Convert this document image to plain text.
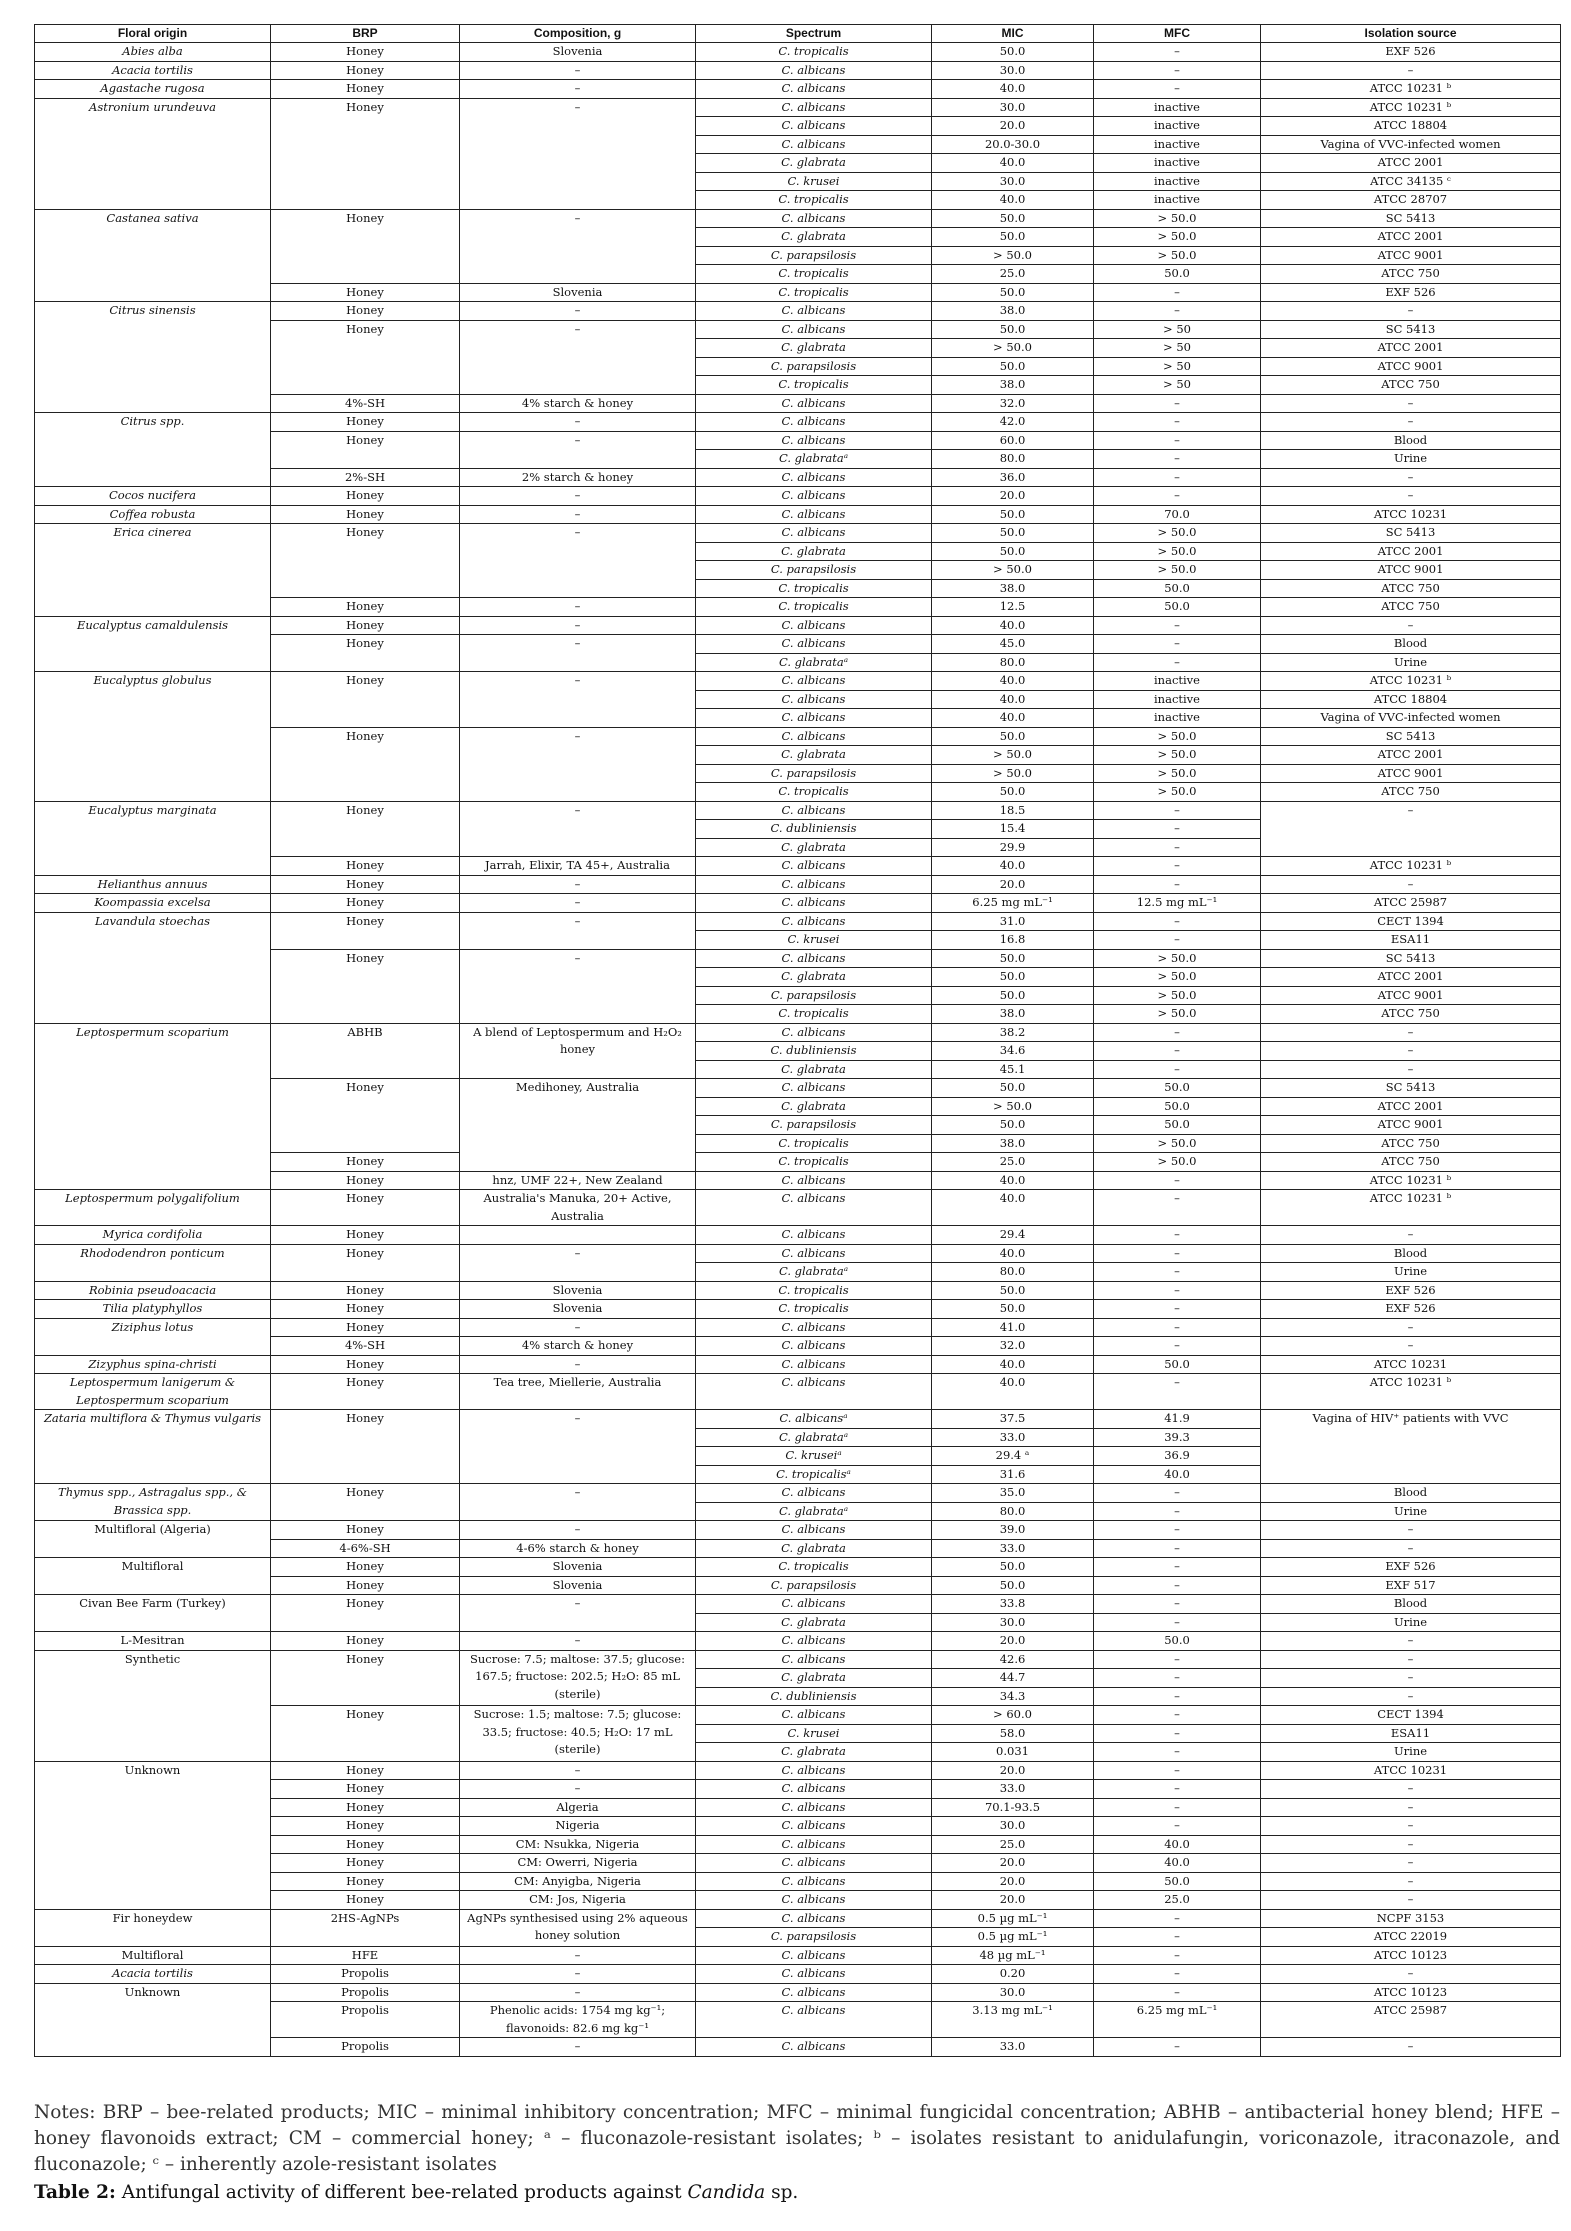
Floral origin	BRP	Composition, g	Spectrum	MIC	MFC	Isolation source
Abies alba	Honey	Slovenia	C. tropicalis	50.0	–	EXF 526
Acacia tortilis	Honey	–	C. albicans	30.0	–	–
Agastache rugosa	Honey	–	C. albicans	40.0	–	ATCC 10231 ᵇ
Astronium urundeuva	Honey	–	C. albicans	30.0	inactive	ATCC 10231 ᵇ
			C. albicans	20.0	inactive	ATCC 18804
			C. albicans	20.0-30.0	inactive	Vagina of VVC-infected women
			C. glabrata	40.0	inactive	ATCC 2001
			C. krusei	30.0	inactive	ATCC 34135 ᶜ
			C. tropicalis	40.0	inactive	ATCC 28707
Castanea sativa	Honey	–	C. albicans	50.0	> 50.0	SC 5413
			C. glabrata	50.0	> 50.0	ATCC 2001
			C. parapsilosis	> 50.0	> 50.0	ATCC 9001
			C. tropicalis	25.0	50.0	ATCC 750
	Honey	Slovenia	C. tropicalis	50.0	–	EXF 526
Citrus sinensis	Honey	–	C. albicans	38.0	–	–
	Honey	–	C. albicans	50.0	> 50	SC 5413
			C. glabrata	> 50.0	> 50	ATCC 2001
			C. parapsilosis	50.0	> 50	ATCC 9001
			C. tropicalis	38.0	> 50	ATCC 750
	4%-SH	4% starch & honey	C. albicans	32.0	–	–
Citrus spp.	Honey	–	C. albicans	42.0	–	–
	Honey	–	C. albicans	60.0	–	Blood
			C. glabrataᵃ	80.0	–	Urine
	2%-SH	2% starch & honey	C. albicans	36.0	–	–
Cocos nucifera	Honey	–	C. albicans	20.0	–	–
Coffea robusta	Honey	–	C. albicans	50.0	70.0	ATCC 10231
Erica cinerea	Honey	–	C. albicans	50.0	> 50.0	SC 5413
			C. glabrata	50.0	> 50.0	ATCC 2001
			C. parapsilosis	> 50.0	> 50.0	ATCC 9001
			C. tropicalis	38.0	50.0	ATCC 750
	Honey	–	C. tropicalis	12.5	50.0	ATCC 750
Eucalyptus camaldulensis	Honey	–	C. albicans	40.0	–	–
	Honey	–	C. albicans	45.0	–	Blood
			C. glabrataᵃ	80.0	–	Urine
Eucalyptus globulus	Honey	–	C. albicans	40.0	inactive	ATCC 10231 ᵇ
			C. albicans	40.0	inactive	ATCC 18804
			C. albicans	40.0	inactive	Vagina of VVC-infected women
	Honey	–	C. albicans	50.0	> 50.0	SC 5413
			C. glabrata	> 50.0	> 50.0	ATCC 2001
			C. parapsilosis	> 50.0	> 50.0	ATCC 9001
			C. tropicalis	50.0	> 50.0	ATCC 750
Eucalyptus marginata	Honey	–	C. albicans	18.5	–	–
			C. dubliniensis	15.4	–	
			C. glabrata	29.9	–	
	Honey	Jarrah, Elixir, TA 45+, Australia	C. albicans	40.0	–	ATCC 10231 ᵇ
Helianthus annuus	Honey	–	C. albicans	20.0	–	–
Koompassia excelsa	Honey	–	C. albicans	6.25 mg mL⁻¹	12.5 mg mL⁻¹	ATCC 25987
Lavandula stoechas	Honey	–	C. albicans	31.0	–	CECT 1394
			C. krusei	16.8	–	ESA11
	Honey	–	C. albicans	50.0	> 50.0	SC 5413
			C. glabrata	50.0	> 50.0	ATCC 2001
			C. parapsilosis	50.0	> 50.0	ATCC 9001
			C. tropicalis	38.0	> 50.0	ATCC 750
Leptospermum scoparium	ABHB	A blend of Leptospermum and H₂O₂ honey	C. albicans	38.2	–	–
			C. dubliniensis	34.6	–	–
			C. glabrata	45.1	–	–
	Honey	Medihoney, Australia	C. albicans	50.0	50.0	SC 5413
			C. glabrata	> 50.0	50.0	ATCC 2001
			C. parapsilosis	50.0	50.0	ATCC 9001
			C. tropicalis	38.0	> 50.0	ATCC 750
	Honey		C. tropicalis	25.0	> 50.0	ATCC 750
	Honey	hnz, UMF 22+, New Zealand	C. albicans	40.0	–	ATCC 10231 ᵇ
Leptospermum polygalifolium	Honey	Australia's Manuka, 20+ Active, Australia	C. albicans	40.0	–	ATCC 10231 ᵇ
Myrica cordifolia	Honey		C. albicans	29.4	–	–
Rhododendron ponticum	Honey	–	C. albicans	40.0	–	Blood
			C. glabrataᵃ	80.0	–	Urine
Robinia pseudoacacia	Honey	Slovenia	C. tropicalis	50.0	–	EXF 526
Tilia platyphyllos	Honey	Slovenia	C. tropicalis	50.0	–	EXF 526
Ziziphus lotus	Honey	–	C. albicans	41.0	–	–
	4%-SH	4% starch & honey	C. albicans	32.0	–	–
Zizyphus spina-christi	Honey	–	C. albicans	40.0	50.0	ATCC 10231
Leptospermum lanigerum & Leptospermum scoparium	Honey	Tea tree, Miellerie, Australia	C. albicans	40.0	–	ATCC 10231 ᵇ
Zataria multiflora & Thymus vulgaris	Honey	–	C. albicansᵃ	37.5	41.9	Vagina of HIV⁺ patients with VVC
			C. glabrataᵃ	33.0	39.3	
			C. kruseiᵃ	29.4 ᵃ	36.9	
			C. tropicalisᵃ	31.6	40.0	
Thymus spp., Astragalus spp., & Brassica spp.	Honey	–	C. albicans	35.0	–	Blood
			C. glabrataᵃ	80.0	–	Urine
Multifloral (Algeria)	Honey	–	C. albicans	39.0	–	–
	4-6%-SH	4-6% starch & honey	C. glabrata	33.0	–	–
Multifloral	Honey	Slovenia	C. tropicalis	50.0	–	EXF 526
	Honey	Slovenia	C. parapsilosis	50.0	–	EXF 517
Civan Bee Farm (Turkey)	Honey	–	C. albicans	33.8	–	Blood
			C. glabrata	30.0	–	Urine
L-Mesitran	Honey	–	C. albicans	20.0	50.0	–
Synthetic	Honey	Sucrose: 7.5; maltose: 37.5; glucose: 167.5; fructose: 202.5; H₂O: 85 mL (sterile)	C. albicans	42.6	–	–
			C. glabrata	44.7	–	–
			C. dubliniensis	34.3	–	–
	Honey	Sucrose: 1.5; maltose: 7.5; glucose: 33.5; fructose: 40.5; H₂O: 17 mL (sterile)	C. albicans	> 60.0	–	CECT 1394
			C. krusei	58.0	–	ESA11
			C. glabrata	0.031	–	Urine
Unknown	Honey	–	C. albicans	20.0	–	ATCC 10231
	Honey	–	C. albicans	33.0	–	–
	Honey	Algeria	C. albicans	70.1-93.5	–	–
	Honey	Nigeria	C. albicans	30.0	–	–
	Honey	CM: Nsukka, Nigeria	C. albicans	25.0	40.0	–
	Honey	CM: Owerri, Nigeria	C. albicans	20.0	40.0	–
	Honey	CM: Anyigba, Nigeria	C. albicans	20.0	50.0	–
	Honey	CM: Jos, Nigeria	C. albicans	20.0	25.0	–
Fir honeydew	2HS-AgNPs	AgNPs synthesised using 2% aqueous honey solution	C. albicans	0.5 µg mL⁻¹	–	NCPF 3153
			C. parapsilosis	0.5 µg mL⁻¹	–	ATCC 22019
Multifloral	HFE	–	C. albicans	48 µg mL⁻¹	–	ATCC 10123
Acacia tortilis	Propolis	–	C. albicans	0.20	–	–
Unknown	Propolis	–	C. albicans	30.0	–	ATCC 10123
	Propolis	Phenolic acids: 1754 mg kg⁻¹; flavonoids: 82.6 mg kg⁻¹	C. albicans	3.13 mg mL⁻¹	6.25 mg mL⁻¹	ATCC 25987
	Propolis	–	C. albicans	33.0	–	–
Notes: BRP – bee-related products; MIC – minimal inhibitory concentration; MFC – minimal fungicidal concentration; ABHB – antibacterial honey blend; HFE – honey flavonoids extract; CM – commercial honey; ᵃ – fluconazole-resistant isolates; ᵇ – isolates resistant to anidulafungin, voriconazole, itraconazole, and fluconazole; ᶜ – inherently azole-resistant isolates
Table 2: Antifungal activity of different bee-related products against Candida sp.
